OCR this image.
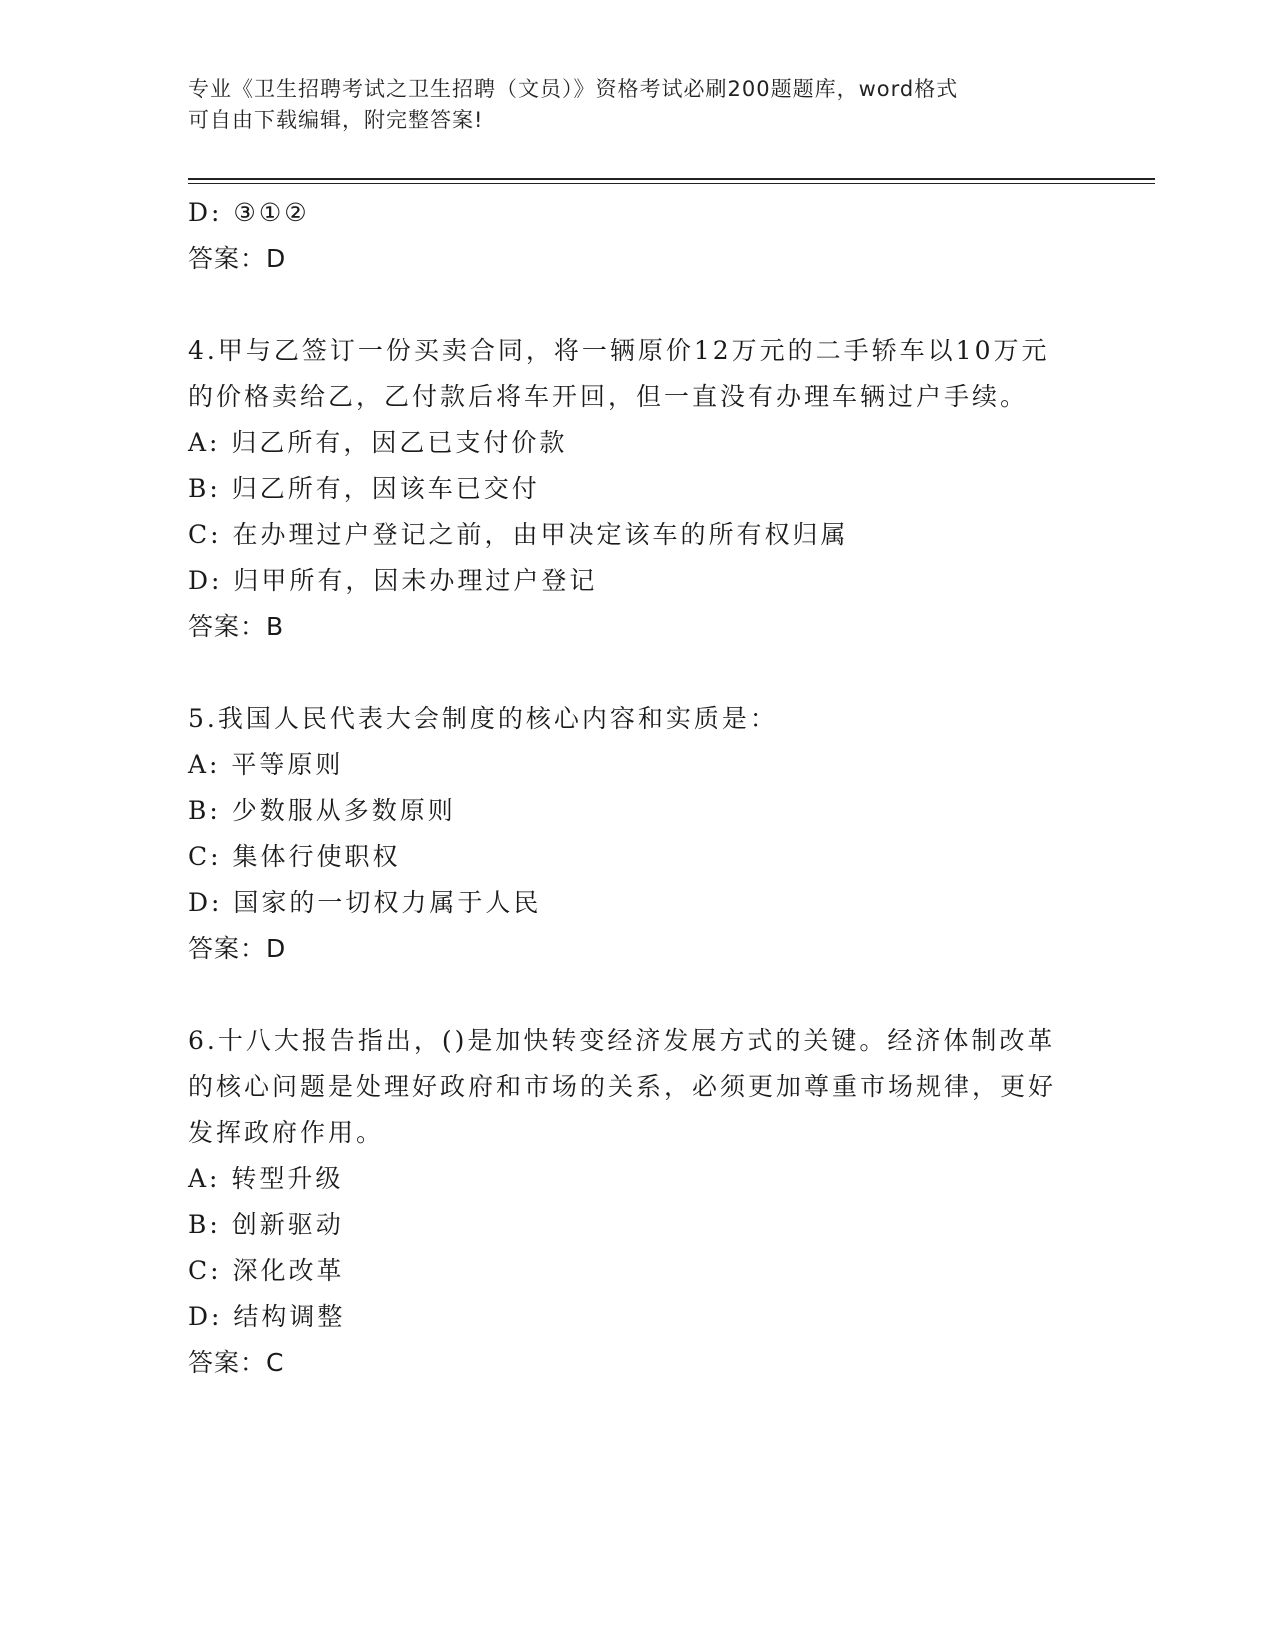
专业《卫生招聘考试之卫生招聘（文员）》资格考试必刷200题题库，word格式
可自由下载编辑，附完整答案!
D: ③①②
答案：D
4.甲与乙签订一份买卖合同，将一辆原价12万元的二手轿车以10万元的价格卖给乙，乙付款后将车开回，但一直没有办理车辆过户手续。
A: 归乙所有，因乙已支付价款
B: 归乙所有，因该车已交付
C: 在办理过户登记之前，由甲决定该车的所有权归属
D: 归甲所有，因未办理过户登记
答案：B
5.我国人民代表大会制度的核心内容和实质是：
A: 平等原则
B: 少数服从多数原则
C: 集体行使职权
D: 国家的一切权力属于人民
答案：D
6.十八大报告指出，()是加快转变经济发展方式的关键。经济体制改革的核心问题是处理好政府和市场的关系，必须更加尊重市场规律，更好发挥政府作用。
A: 转型升级
B: 创新驱动
C: 深化改革
D: 结构调整
答案：C
